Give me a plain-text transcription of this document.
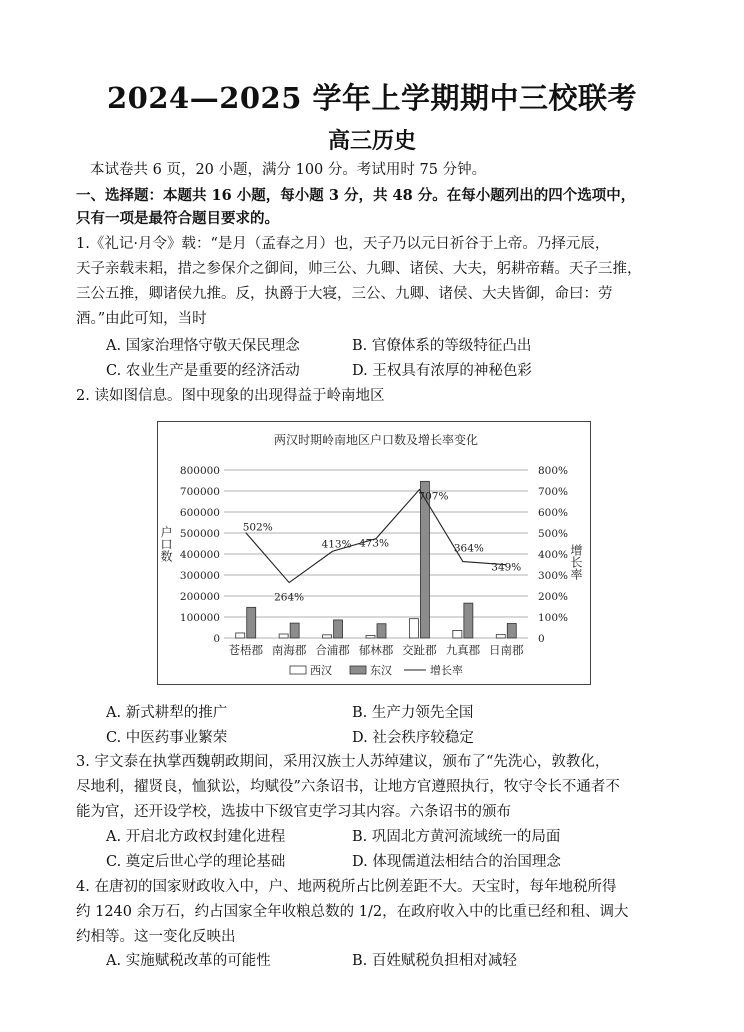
2024—2025 学年上学期期中三校联考
高三历史
本试卷共 6 页，20 小题，满分 100 分。考试用时 75 分钟。
一、选择题：本题共 16 小题，每小题 3 分，共 48 分。在每小题列出的四个选项中，
只有一项是最符合题目要求的。
1.《礼记·月令》载：“是月（孟春之月）也，天子乃以元日祈谷于上帝。乃择元辰，
天子亲载耒耜，措之参保介之御间，帅三公、九卿、诸侯、大夫，躬耕帝藉。天子三推，
三公五推，卿诸侯九推。反，执爵于大寝，三公、九卿、诸侯、大夫皆御，命曰：劳
酒。”由此可知，当时
A. 国家治理恪守敬天保民理念	B. 官僚体系的等级特征凸出
C. 农业生产是重要的经济活动	D. 王权具有浓厚的神秘色彩
2. 读如图信息。图中现象的出现得益于岭南地区
两汉时期岭南地区户口数及增长率变化
0
100000
200000
300000
400000
500000
600000
700000
800000
0
100%
200%
300%
400%
500%
600%
700%
800%
户口数	增长率
苍梧郡 南海郡 合浦郡 郁林郡 交趾郡 九真郡 日南郡
502%
264%
413% 473%
707%
364%
349%
西汉	东汉	增长率
A. 新式耕犁的推广	B. 生产力领先全国
C. 中医药事业繁荣	D. 社会秩序较稳定
3. 宇文泰在执掌西魏朝政期间，采用汉族士人苏绰建议，颁布了“先洗心，敦教化，
尽地利，擢贤良，恤狱讼，均赋役”六条诏书，让地方官遵照执行，牧守令长不通者不
能为官，还开设学校，选拔中下级官吏学习其内容。六条诏书的颁布
A. 开启北方政权封建化进程	B. 巩固北方黄河流域统一的局面
C. 奠定后世心学的理论基础	D. 体现儒道法相结合的治国理念
4. 在唐初的国家财政收入中，户、地两税所占比例差距不大。天宝时，每年地税所得
约 1240 余万石，约占国家全年收粮总数的 1/2，在政府收入中的比重已经和租、调大
约相等。这一变化反映出
A. 实施赋税改革的可能性	B. 百姓赋税负担相对减轻
